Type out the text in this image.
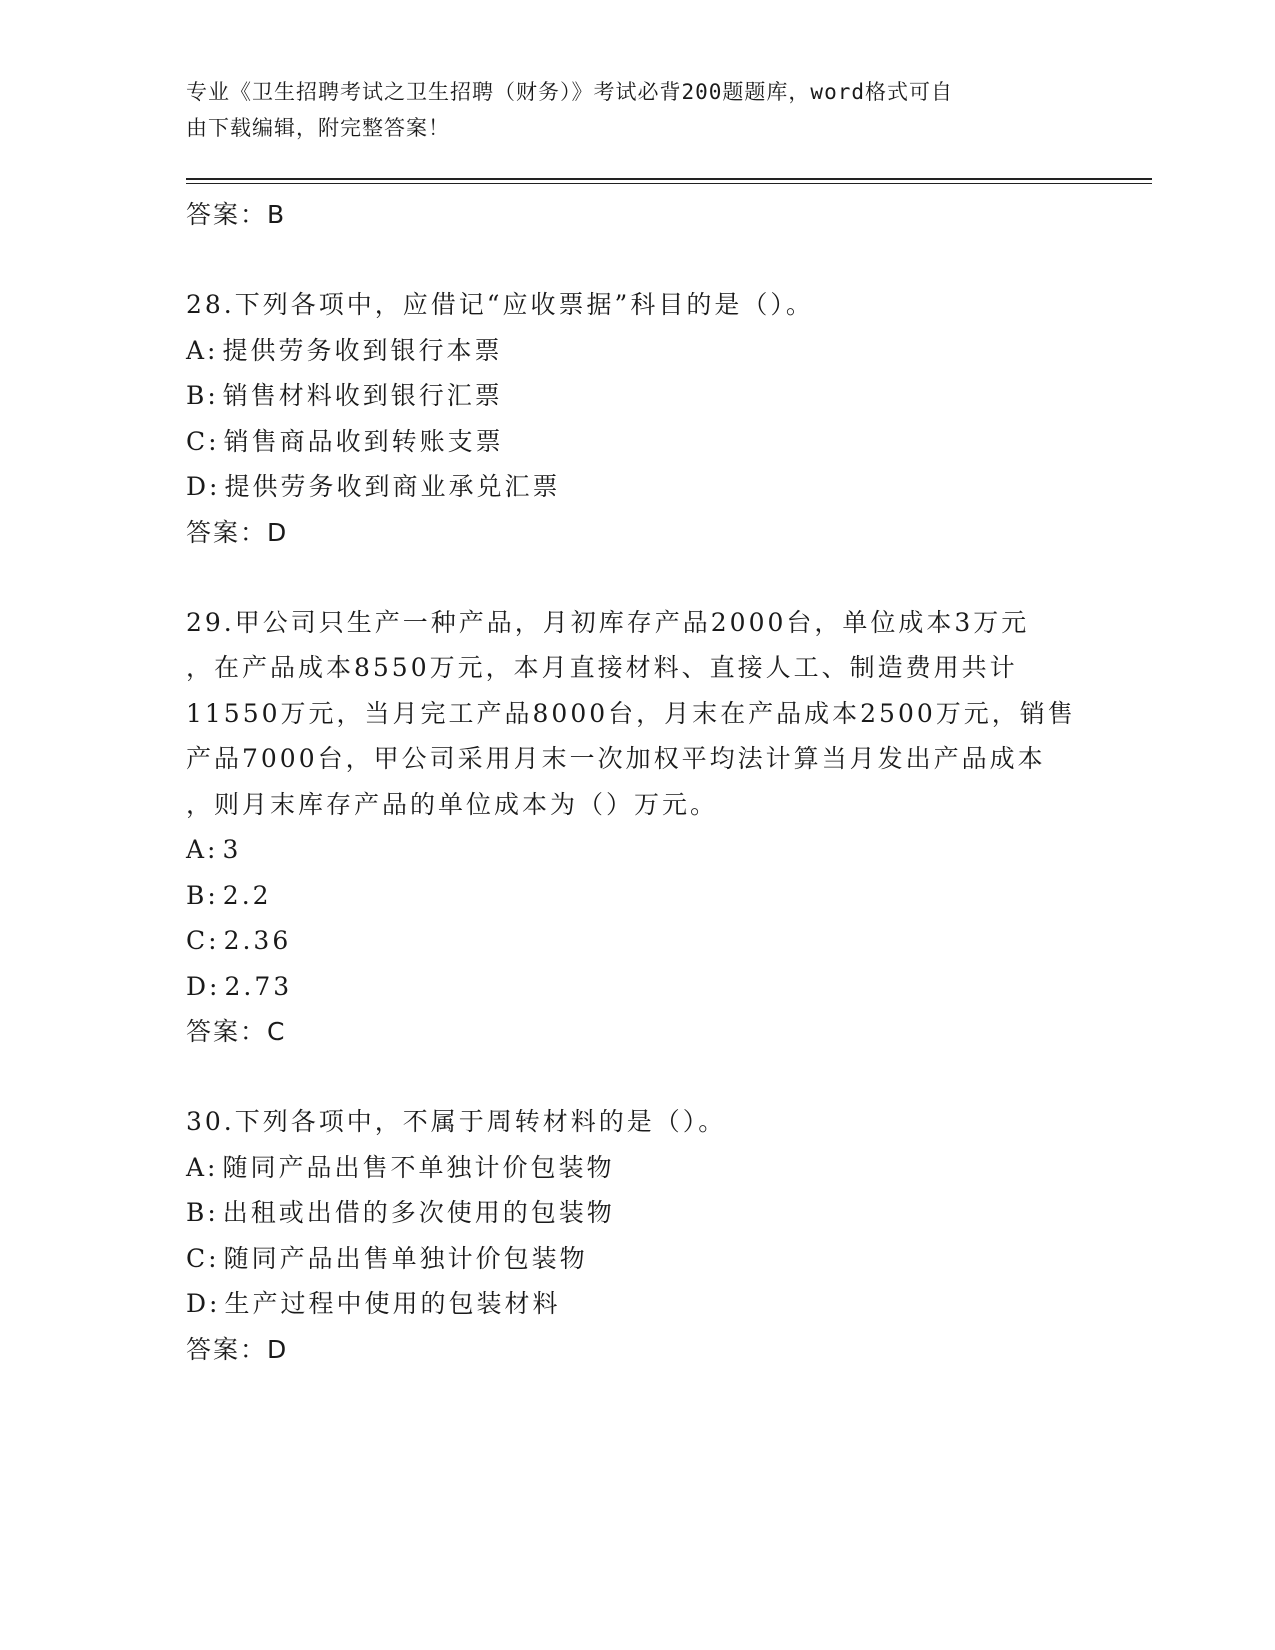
专业《卫生招聘考试之卫生招聘（财务）》考试必背200题题库，word格式可自
由下载编辑，附完整答案！
答案：B
28.下列各项中，应借记“应收票据”科目的是（）。
A: 提供劳务收到银行本票
B: 销售材料收到银行汇票
C: 销售商品收到转账支票
D: 提供劳务收到商业承兑汇票
答案：D
29.甲公司只生产一种产品，月初库存产品2000台，单位成本3万元
，在产品成本8550万元，本月直接材料、直接人工、制造费用共计
11550万元，当月完工产品8000台，月末在产品成本2500万元，销售
产品7000台，甲公司采用月末一次加权平均法计算当月发出产品成本
，则月末库存产品的单位成本为（）万元。
A: 3
B: 2.2
C: 2.36
D: 2.73
答案：C
30.下列各项中，不属于周转材料的是（）。
A: 随同产品出售不单独计价包装物
B: 出租或出借的多次使用的包装物
C: 随同产品出售单独计价包装物
D: 生产过程中使用的包装材料
答案：D
